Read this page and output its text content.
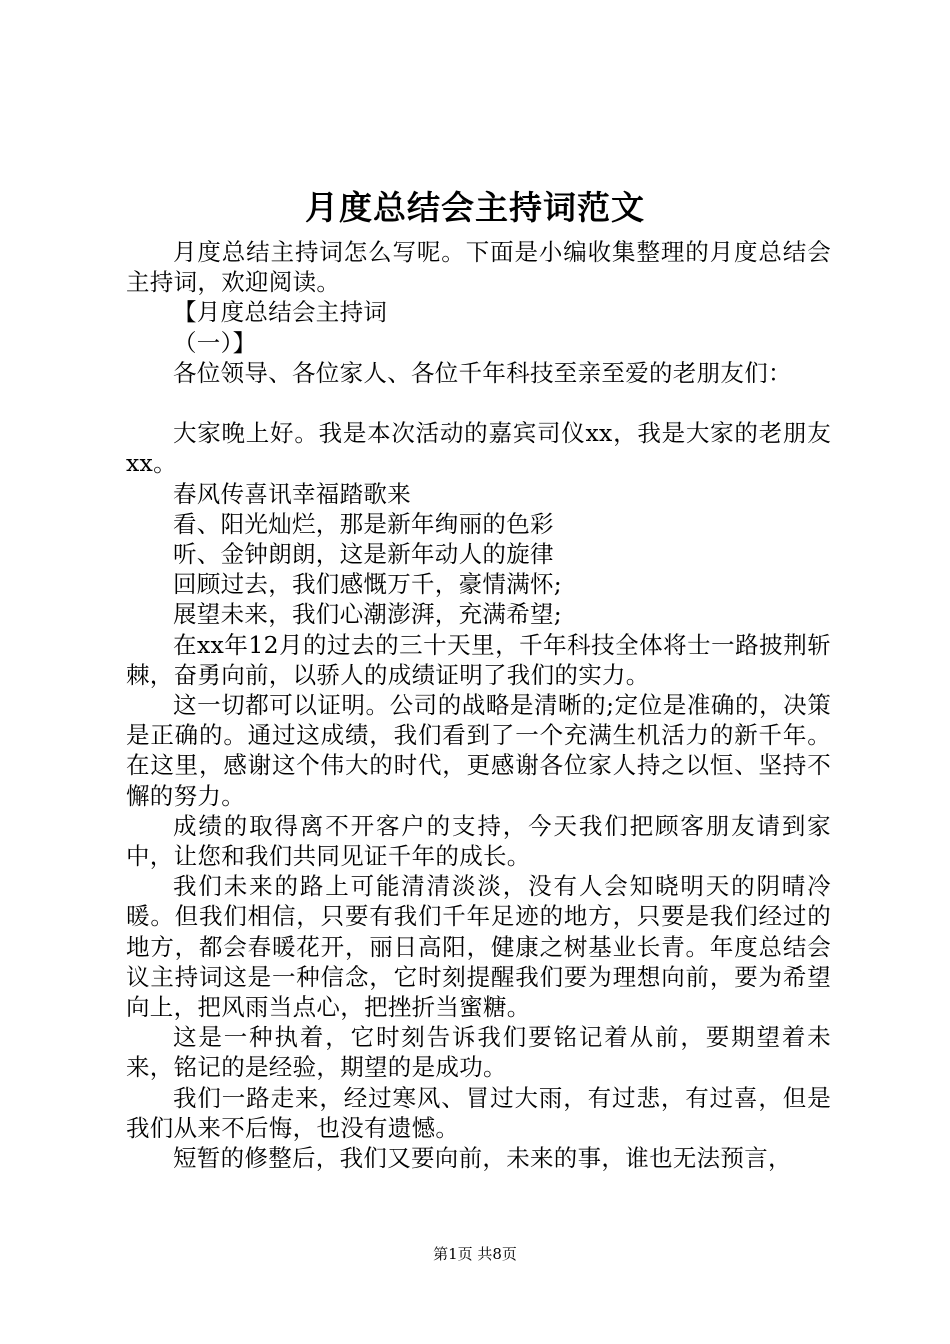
月度总结会主持词范文

月度总结主持词怎么写呢。下面是小编收集整理的月度总结会主持词，欢迎阅读。

【月度总结会主持词

（一）】

各位领导、各位家人、各位千年科技至亲至爱的老朋友们：

大家晚上好。我是本次活动的嘉宾司仪xx，我是大家的老朋友xx。

春风传喜讯幸福踏歌来

看、阳光灿烂，那是新年绚丽的色彩

听、金钟朗朗，这是新年动人的旋律

回顾过去，我们感慨万千，豪情满怀;

展望未来，我们心潮澎湃，充满希望;

在xx年12月的过去的三十天里，千年科技全体将士一路披荆斩棘，奋勇向前，以骄人的成绩证明了我们的实力。

这一切都可以证明。公司的战略是清晰的;定位是准确的，决策是正确的。通过这成绩，我们看到了一个充满生机活力的新千年。在这里，感谢这个伟大的时代，更感谢各位家人持之以恒、坚持不懈的努力。

成绩的取得离不开客户的支持，今天我们把顾客朋友请到家中，让您和我们共同见证千年的成长。

我们未来的路上可能清清淡淡，没有人会知晓明天的阴晴冷暖。但我们相信，只要有我们千年足迹的地方，只要是我们经过的地方，都会春暖花开，丽日高阳，健康之树基业长青。年度总结会议主持词这是一种信念，它时刻提醒我们要为理想向前，要为希望向上，把风雨当点心，把挫折当蜜糖。

这是一种执着，它时刻告诉我们要铭记着从前，要期望着未来，铭记的是经验，期望的是成功。

我们一路走来，经过寒风、冒过大雨，有过悲，有过喜，但是我们从来不后悔，也没有遗憾。

短暂的修整后，我们又要向前，未来的事，谁也无法预言，

第1页 共8页
